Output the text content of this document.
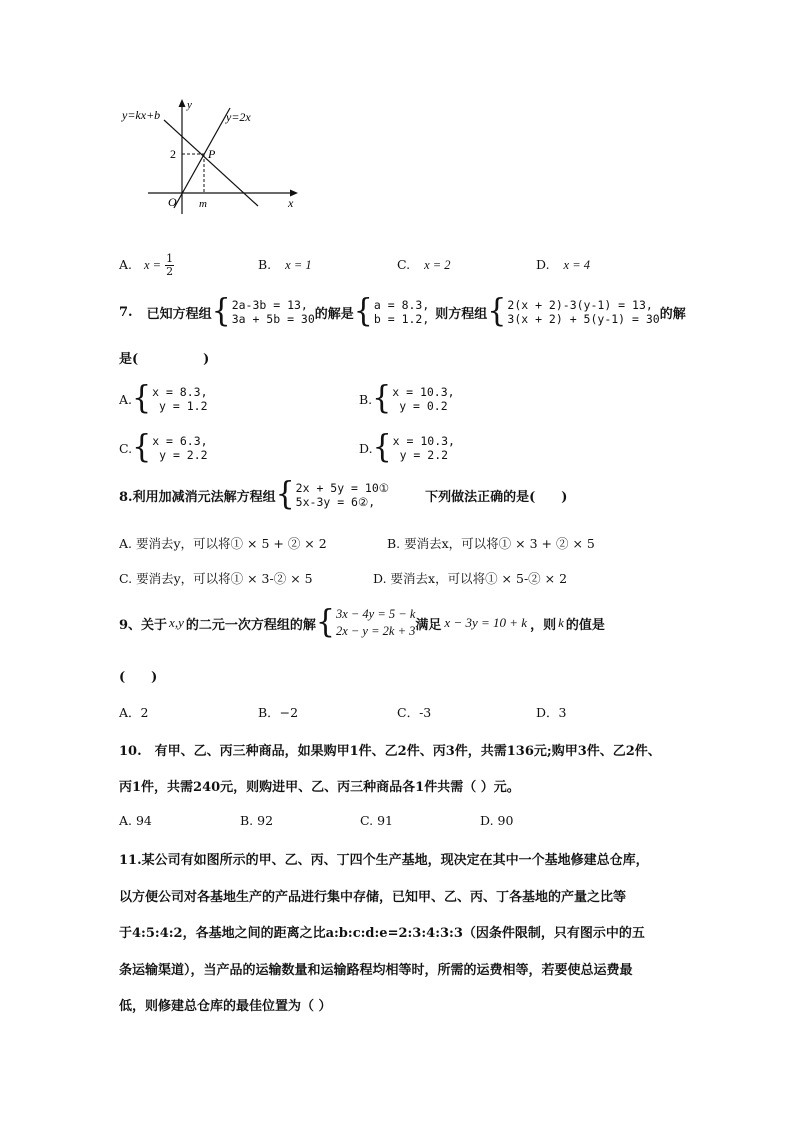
y
x
O
y=kx+b	y=2x
P
2
m
A. $x = \frac{1}{2}$	B. x = 1	C. x = 2	D. x = 4
7. 已知方程组 { 2a-3b = 13,
3a + 5b = 30 的解是 { a = 8.3,
b = 1.2, 则方程组 { 2(x + 2)-3(y-1) = 13,
3(x + 2) + 5(y-1) = 30 的解
是(　　　　　)
A. { x = 8.3,
y = 1.2	B. { x = 10.3,
y = 0.2
C. { x = 6.3,
y = 2.2	D. { x = 10.3,
y = 2.2
8.利用加减消元法解方程组 { 2x + 5y = 10①
5x-3y = 6②,	下列做法正确的是(　　)
A. 要消去y，可以将① × 5 + ② × 2	B. 要消去x，可以将① × 3 + ② × 5
C. 要消去y，可以将① × 3-② × 5	D. 要消去x，可以将① × 5-② × 2
9、关于 x,y 的二元一次方程组的解 { 3x − 4y = 5 − k
2x − y = 2k + 3 满足 x − 3y = 10 + k ，则 k 的值是
(　　)
A．2	B．−2	C．-3	D．3
10.　有甲、乙、丙三种商品，如果购甲1件、乙2件、丙3件，共需136元;购甲3件、乙2件、
丙1件，共需240元，则购进甲、乙、丙三种商品各1件共需（ ）元。
A. 94	B. 92	C. 91	D. 90
11.某公司有如图所示的甲、乙、丙、丁四个生产基地，现决定在其中一个基地修建总仓库，
以方便公司对各基地生产的产品进行集中存储，已知甲、乙、丙、丁各基地的产量之比等
于4:5:4:2，各基地之间的距离之比a:b:c:d:e=2:3:4:3:3（因条件限制，只有图示中的五
条运输渠道），当产品的运输数量和运输路程均相等时，所需的运费相等，若要使总运费最
低，则修建总仓库的最佳位置为（ ）
